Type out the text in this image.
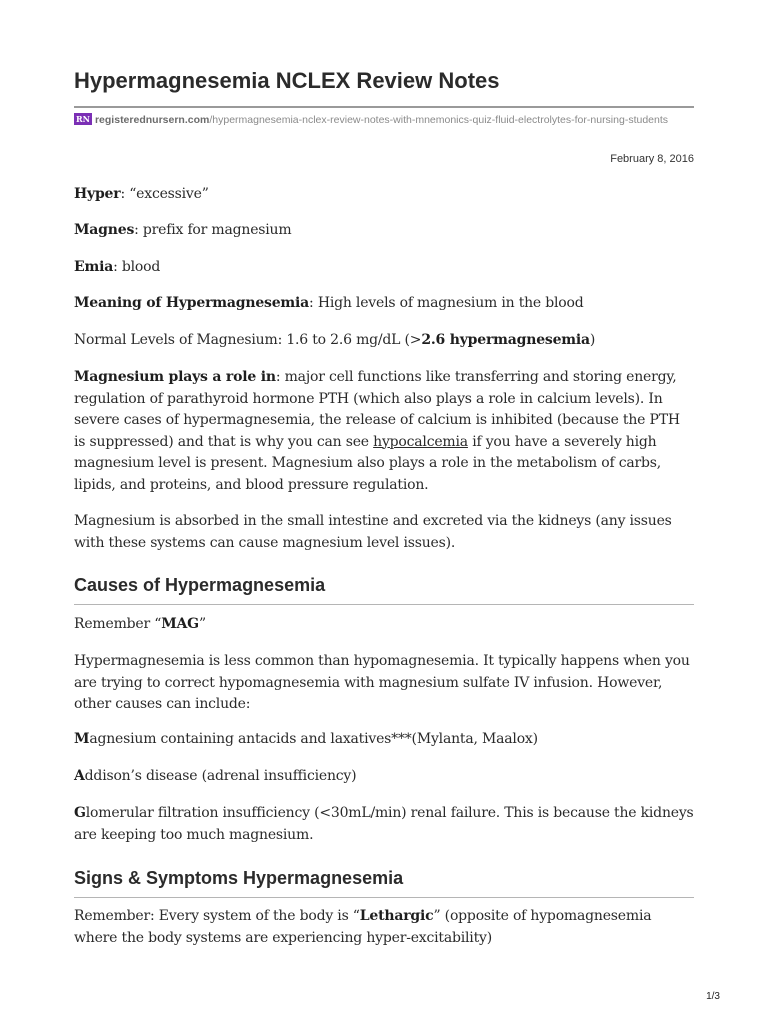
Hypermagnesemia NCLEX Review Notes
RN registerednursern.com/hypermagnesemia-nclex-review-notes-with-mnemonics-quiz-fluid-electrolytes-for-nursing-students
February 8, 2016

Hyper: “excessive”

Magnes: prefix for magnesium

Emia: blood

Meaning of Hypermagnesemia: High levels of magnesium in the blood

Normal Levels of Magnesium: 1.6 to 2.6 mg/dL (>2.6 hypermagnesemia)

Magnesium plays a role in: major cell functions like transferring and storing energy, regulation of parathyroid hormone PTH (which also plays a role in calcium levels). In severe cases of hypermagnesemia, the release of calcium is inhibited (because the PTH is suppressed) and that is why you can see hypocalcemia if you have a severely high magnesium level is present. Magnesium also plays a role in the metabolism of carbs, lipids, and proteins, and blood pressure regulation.

Magnesium is absorbed in the small intestine and excreted via the kidneys (any issues with these systems can cause magnesium level issues).

Causes of Hypermagnesemia

Remember “MAG”

Hypermagnesemia is less common than hypomagnesemia. It typically happens when you are trying to correct hypomagnesemia with magnesium sulfate IV infusion. However, other causes can include:

Magnesium containing antacids and laxatives***(Mylanta, Maalox)

Addison’s disease (adrenal insufficiency)

Glomerular filtration insufficiency (<30mL/min) renal failure. This is because the kidneys are keeping too much magnesium.

Signs & Symptoms Hypermagnesemia

Remember: Every system of the body is “Lethargic” (opposite of hypomagnesemia where the body systems are experiencing hyper-excitability)

1/3
